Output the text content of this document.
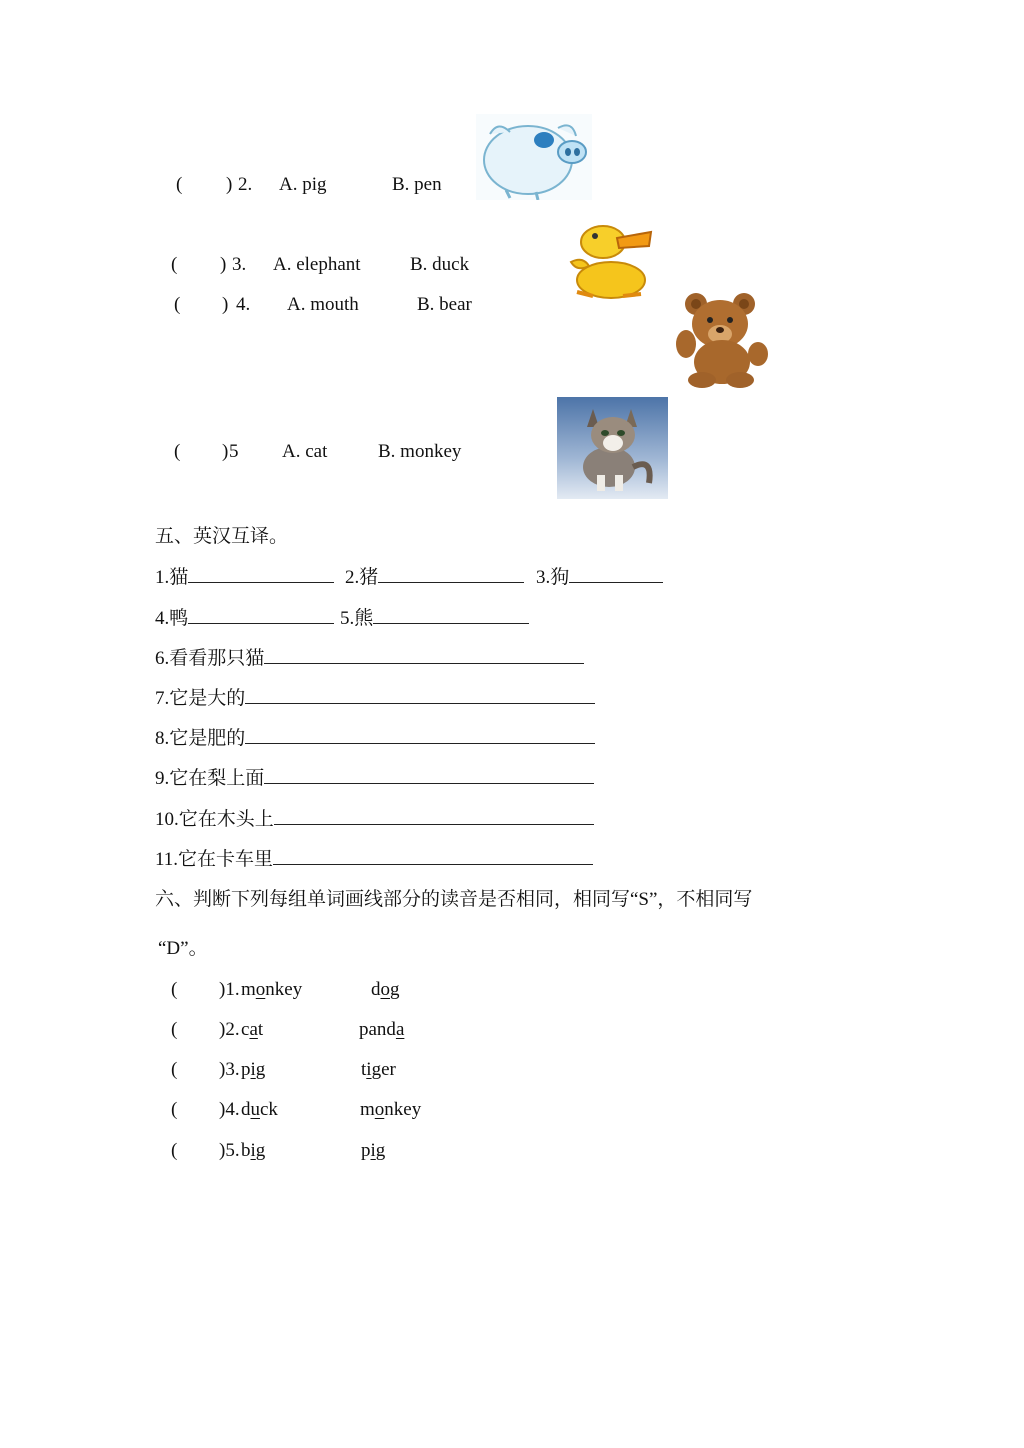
( ) 2. A. pig	B. pen
( ) 3. A. elephant	B. duck
( ) 4. A. mouth	B. bear
( ) 5 A. cat	B. monkey
五、英汉互译。
1.猫	2.猪	3.狗
4.鸭	5.熊
6.看看那只猫
7.它是大的
8.它是肥的
9.它在梨上面
10.它在木头上
11.它在卡车里
六、判断下列每组单词画线部分的读音是否相同，相同写“S”，不相同写
“D”。
( )1. monkey	dog
( )2. cat	panda
( )3. pig	tiger
( )4. duck	monkey
( )5. big	pig
